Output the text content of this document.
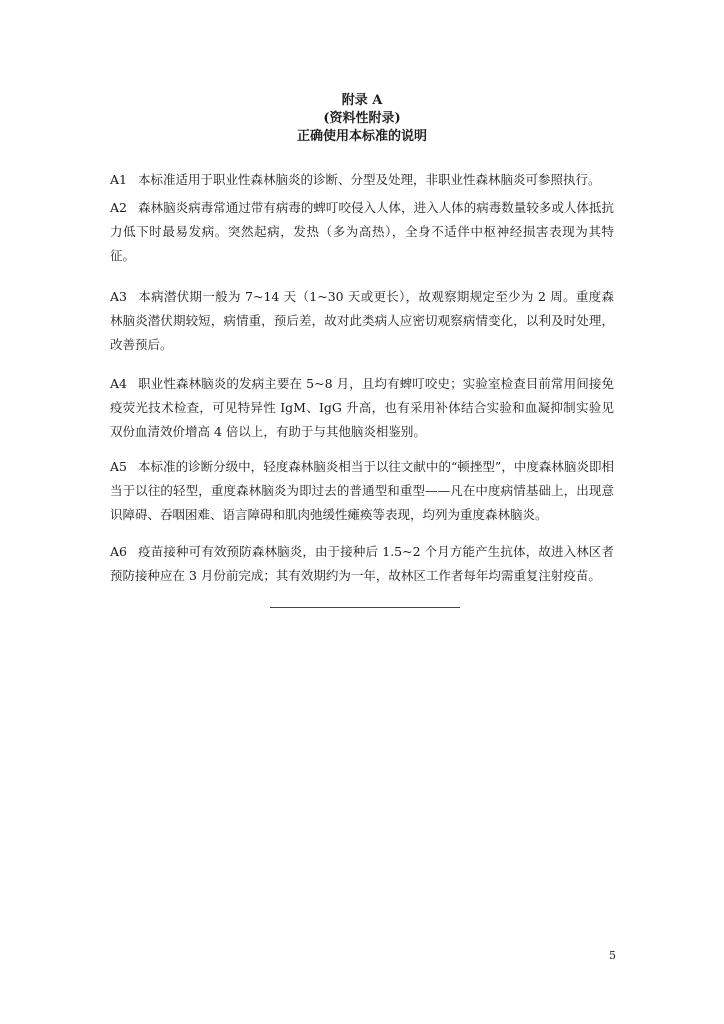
附录 A
(资料性附录)
正确使用本标准的说明
A1 本标准适用于职业性森林脑炎的诊断、分型及处理，非职业性森林脑炎可参照执行。
A2 森林脑炎病毒常通过带有病毒的蜱叮咬侵入人体，进入人体的病毒数量较多或人体抵抗力低下时最易发病。突然起病，发热（多为高热），全身不适伴中枢神经损害表现为其特征。
A3 本病潜伏期一般为 7~14 天（1~30 天或更长），故观察期规定至少为 2 周。重度森林脑炎潜伏期较短，病情重，预后差，故对此类病人应密切观察病情变化，以利及时处理，改善预后。
A4 职业性森林脑炎的发病主要在 5~8 月，且均有蜱叮咬史；实验室检查目前常用间接免疫荧光技术检查，可见特异性 IgM、IgG 升高，也有采用补体结合实验和血凝抑制实验见双份血清效价增高 4 倍以上，有助于与其他脑炎相鉴别。
A5 本标准的诊断分级中，轻度森林脑炎相当于以往文献中的“顿挫型”，中度森林脑炎即相当于以往的轻型，重度森林脑炎为即过去的普通型和重型——凡在中度病情基础上，出现意识障碍、吞咽困难、语言障碍和肌肉弛缓性瘫痪等表现，均列为重度森林脑炎。
A6 疫苗接种可有效预防森林脑炎，由于接种后 1.5~2 个月方能产生抗体，故进入林区者预防接种应在 3 月份前完成；其有效期约为一年，故林区工作者每年均需重复注射疫苗。
5
